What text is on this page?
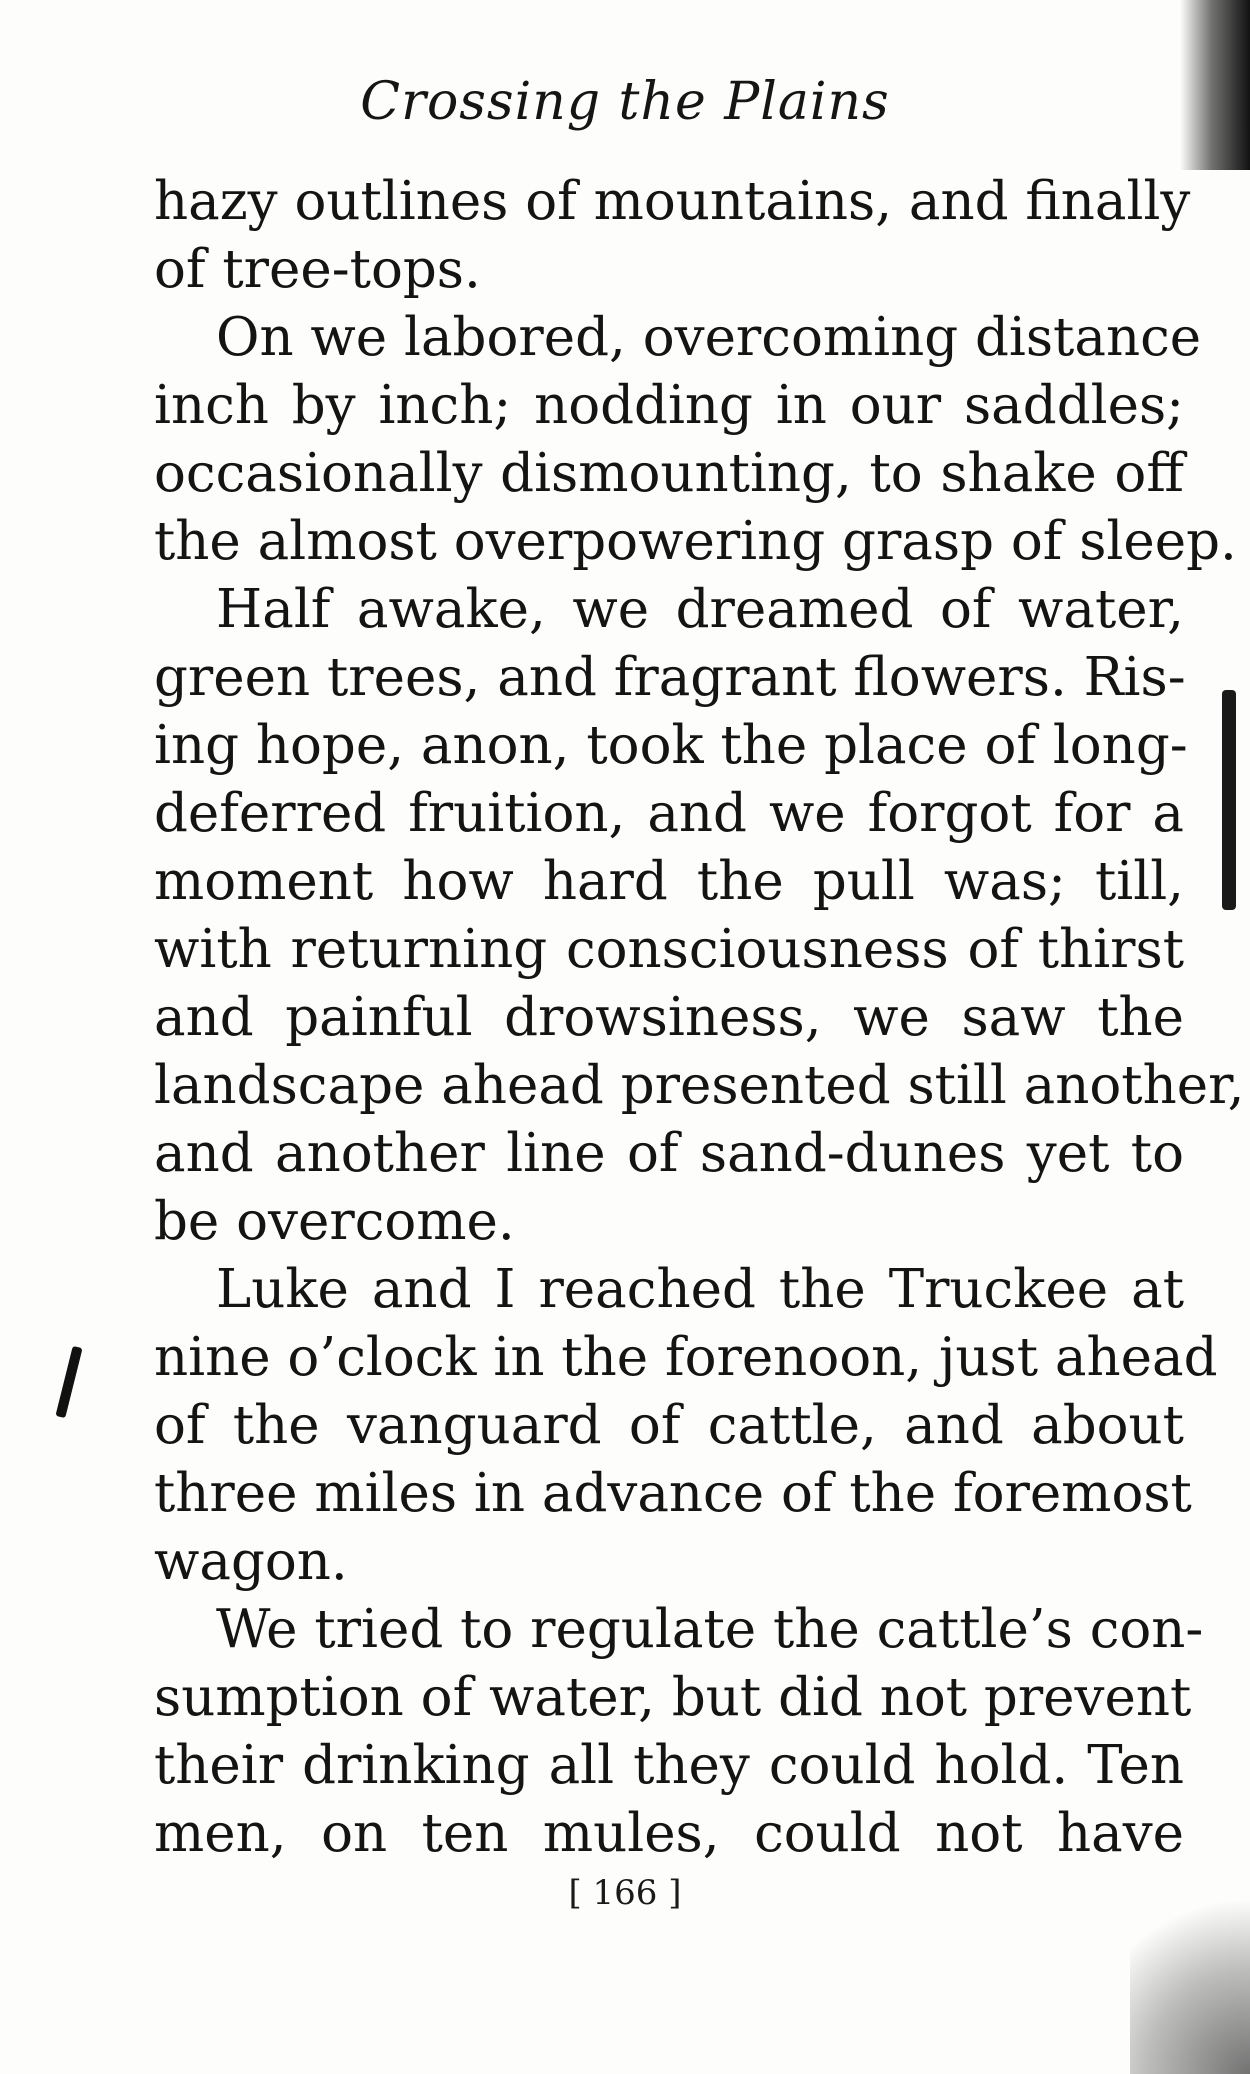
Crossing the Plains
hazy outlines of mountains, and finally
of tree-tops.
On we labored, overcoming distance
inch by inch; nodding in our saddles;
occasionally dismounting, to shake off
the almost overpowering grasp of sleep.
Half awake, we dreamed of water,
green trees, and fragrant flowers. Ris-
ing hope, anon, took the place of long-
deferred fruition, and we forgot for a
moment how hard the pull was; till,
with returning consciousness of thirst
and painful drowsiness, we saw the
landscape ahead presented still another,
and another line of sand-dunes yet to
be overcome.
Luke and I reached the Truckee at
nine o’clock in the forenoon, just ahead
of the vanguard of cattle, and about
three miles in advance of the foremost
wagon.
We tried to regulate the cattle’s con-
sumption of water, but did not prevent
their drinking all they could hold. Ten
men, on ten mules, could not have
[ 166 ]
